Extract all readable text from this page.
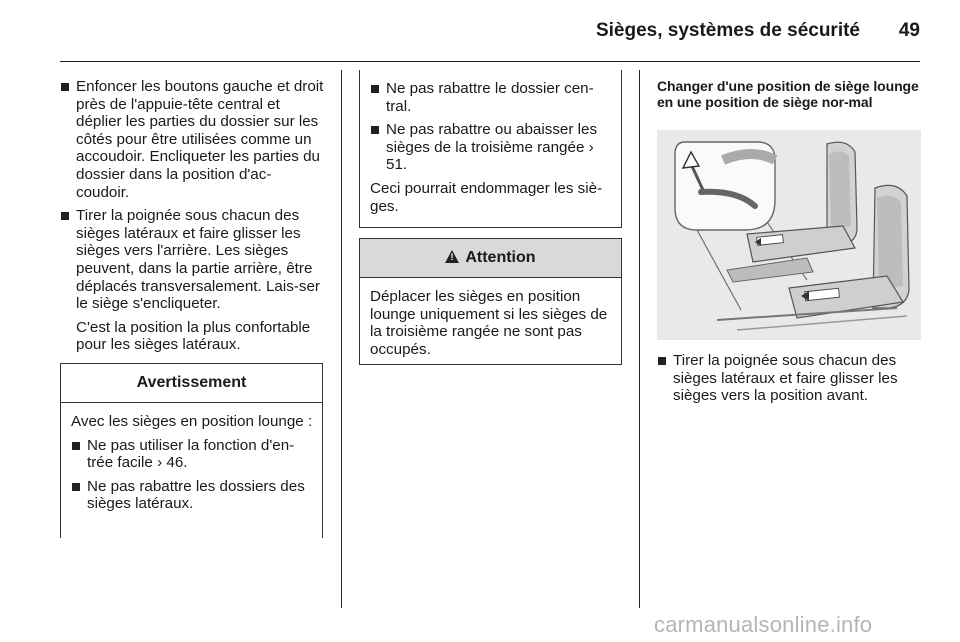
Sièges, systèmes de sécurité	49
Enfoncer les boutons gauche et droit près de l'appuie-tête central et déplier les parties du dossier sur les côtés pour être utilisées comme un accoudoir. Encliqueter les parties du dossier dans la position d'ac‐coudoir.
Tirer la poignée sous chacun des sièges latéraux et faire glisser les sièges vers l'arrière. Les sièges peuvent, dans la partie arrière, être déplacés transversalement. Lais‐ser le siège s'encliqueter.
C'est la position la plus confortable pour les sièges latéraux.
Avertissement
Avec les sièges en position lounge :
Ne pas utiliser la fonction d'en‐trée facile › 46.
Ne pas rabattre les dossiers des sièges latéraux.
Ne pas rabattre le dossier cen‐tral.
Ne pas rabattre ou abaisser les sièges de la troisième rangée › 51.
Ceci pourrait endommager les siè‐ges.
! Attention
Déplacer les sièges en position lounge uniquement si les sièges de la troisième rangée ne sont pas occupés.
Changer d'une position de siège lounge en une position de siège nor‐mal
Tirer la poignée sous chacun des sièges latéraux et faire glisser les sièges vers la position avant.
carmanualsonline.info
